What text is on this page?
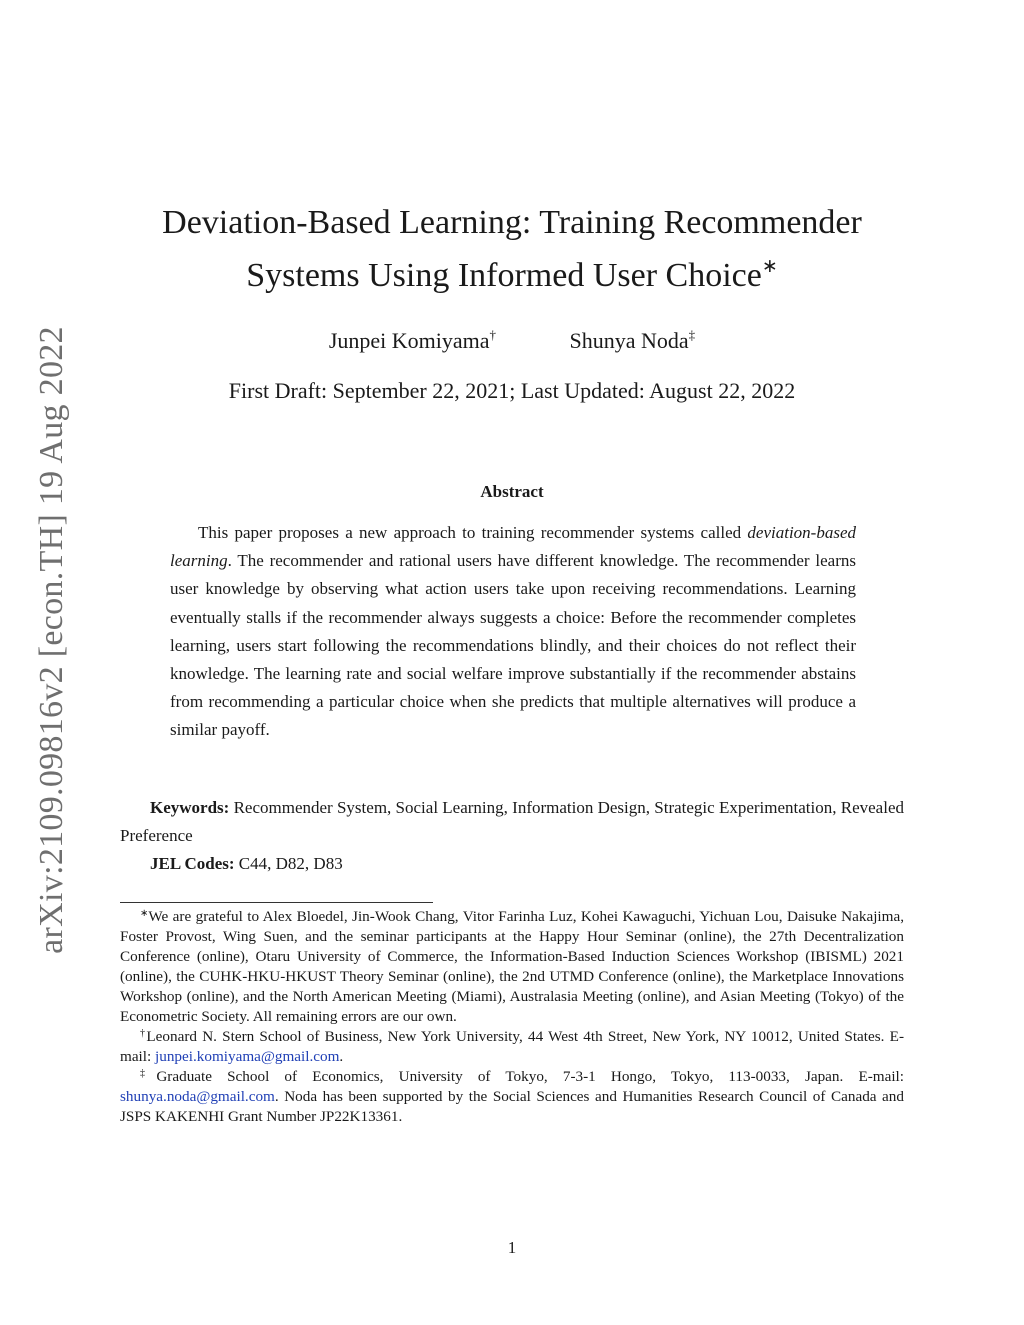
arXiv:2109.09816v2 [econ.TH] 19 Aug 2022
Deviation-Based Learning: Training Recommender
Systems Using Informed User Choice∗
Junpei Komiyama†	Shunya Noda‡
First Draft: September 22, 2021; Last Updated: August 22, 2022
Abstract

This paper proposes a new approach to training recommender systems called deviation-based learning. The recommender and rational users have different knowledge. The recommender learns user knowledge by observing what action users take upon receiving recommendations. Learning eventually stalls if the recommender always suggests a choice: Before the recommender completes learning, users start following the recommendations blindly, and their choices do not reflect their knowledge. The learning rate and social welfare improve substantially if the recommender abstains from recommending a particular choice when she predicts that multiple alternatives will produce a similar payoff.

Keywords: Recommender System, Social Learning, Information Design, Strategic Experimentation, Revealed Preference

JEL Codes: C44, D82, D83

∗We are grateful to Alex Bloedel, Jin-Wook Chang, Vitor Farinha Luz, Kohei Kawaguchi, Yichuan Lou, Daisuke Nakajima, Foster Provost, Wing Suen, and the seminar participants at the Happy Hour Seminar (online), the 27th Decentralization Conference (online), Otaru University of Commerce, the Information-Based Induction Sciences Workshop (IBISML) 2021 (online), the CUHK-HKU-HKUST Theory Seminar (online), the 2nd UTMD Conference (online), the Marketplace Innovations Workshop (online), and the North American Meeting (Miami), Australasia Meeting (online), and Asian Meeting (Tokyo) of the Econometric Society. All remaining errors are our own.

†Leonard N. Stern School of Business, New York University, 44 West 4th Street, New York, NY 10012, United States. E-mail: junpei.komiyama@gmail.com.

‡Graduate School of Economics, University of Tokyo, 7-3-1 Hongo, Tokyo, 113-0033, Japan. E-mail: shunya.noda@gmail.com. Noda has been supported by the Social Sciences and Humanities Research Council of Canada and JSPS KAKENHI Grant Number JP22K13361.

1
